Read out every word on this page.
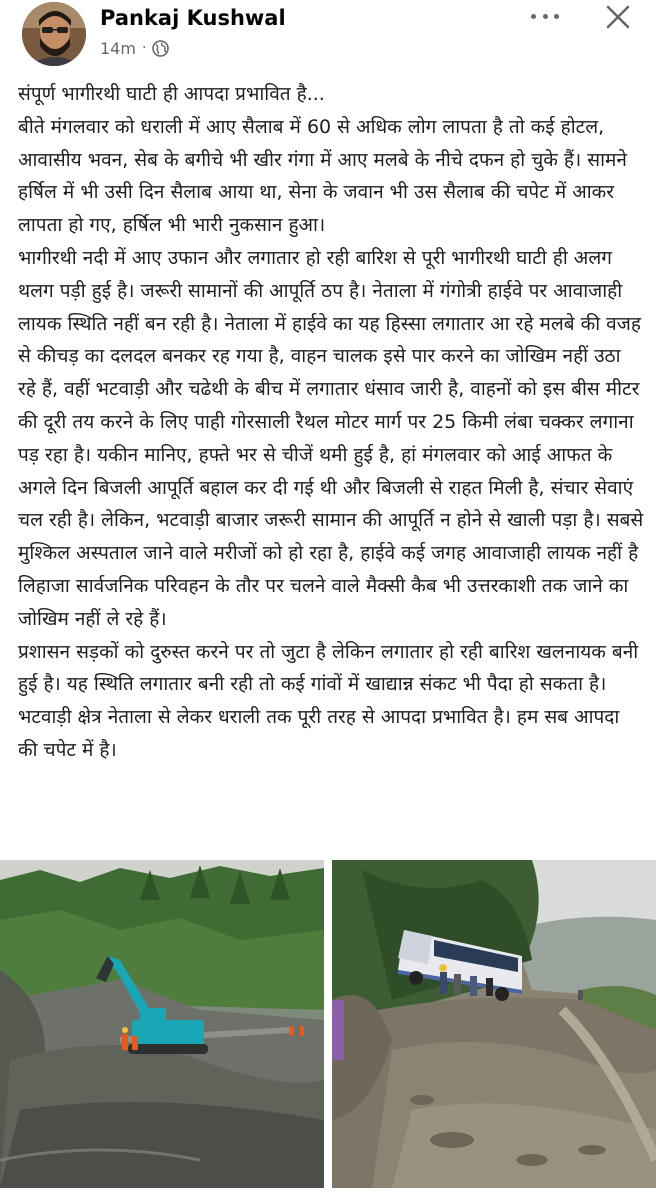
Pankaj Kushwal
14m ·

संपूर्ण भागीरथी घाटी ही आपदा प्रभावित है...

बीते मंगलवार को धराली में आए सैलाब में 60 से अधिक लोग लापता है तो कई होटल, आवासीय भवन, सेब के बगीचे भी खीर गंगा में आए मलबे के नीचे दफन हो चुके हैं। सामने हर्षिल में भी उसी दिन सैलाब आया था, सेना के जवान भी उस सैलाब की चपेट में आकर लापता हो गए, हर्षिल भी भारी नुकसान हुआ।

भागीरथी नदी में आए उफान और लगातार हो रही बारिश से पूरी भागीरथी घाटी ही अलग थलग पड़ी हुई है। जरूरी सामानों की आपूर्ति ठप है। नेताला में गंगोत्री हाईवे पर आवाजाही लायक स्थिति नहीं बन रही है। नेताला में हाईवे का यह हिस्सा लगातार आ रहे मलबे की वजह से कीचड़ का दलदल बनकर रह गया है, वाहन चालक इसे पार करने का जोखिम नहीं उठा रहे हैं, वहीं भटवाड़ी और चढेथी के बीच में लगातार धंसाव जारी है, वाहनों को इस बीस मीटर की दूरी तय करने के लिए पाही गोरसाली रैथल मोटर मार्ग पर 25 किमी लंबा चक्कर लगाना पड़ रहा है। यकीन मानिए, हफ्ते भर से चीजें थमी हुई है, हां मंगलवार को आई आफत के अगले दिन बिजली आपूर्ति बहाल कर दी गई थी और बिजली से राहत मिली है, संचार सेवाएं चल रही है। लेकिन, भटवाड़ी बाजार जरूरी सामान की आपूर्ति न होने से खाली पड़ा है। सबसे मुश्किल अस्पताल जाने वाले मरीजों को हो रहा है, हाईवे कई जगह आवाजाही लायक नहीं है लिहाजा सार्वजनिक परिवहन के तौर पर चलने वाले मैक्सी कैब भी उत्तरकाशी तक जाने का जोखिम नहीं ले रहे हैं।

प्रशासन सड़कों को दुरुस्त करने पर तो जुटा है लेकिन लगातार हो रही बारिश खलनायक बनी हुई है। यह स्थिति लगातार बनी रही तो कई गांवों में खाद्यान्न संकट भी पैदा हो सकता है। भटवाड़ी क्षेत्र नेताला से लेकर धराली तक पूरी तरह से आपदा प्रभावित है। हम सब आपदा की चपेट में है।
